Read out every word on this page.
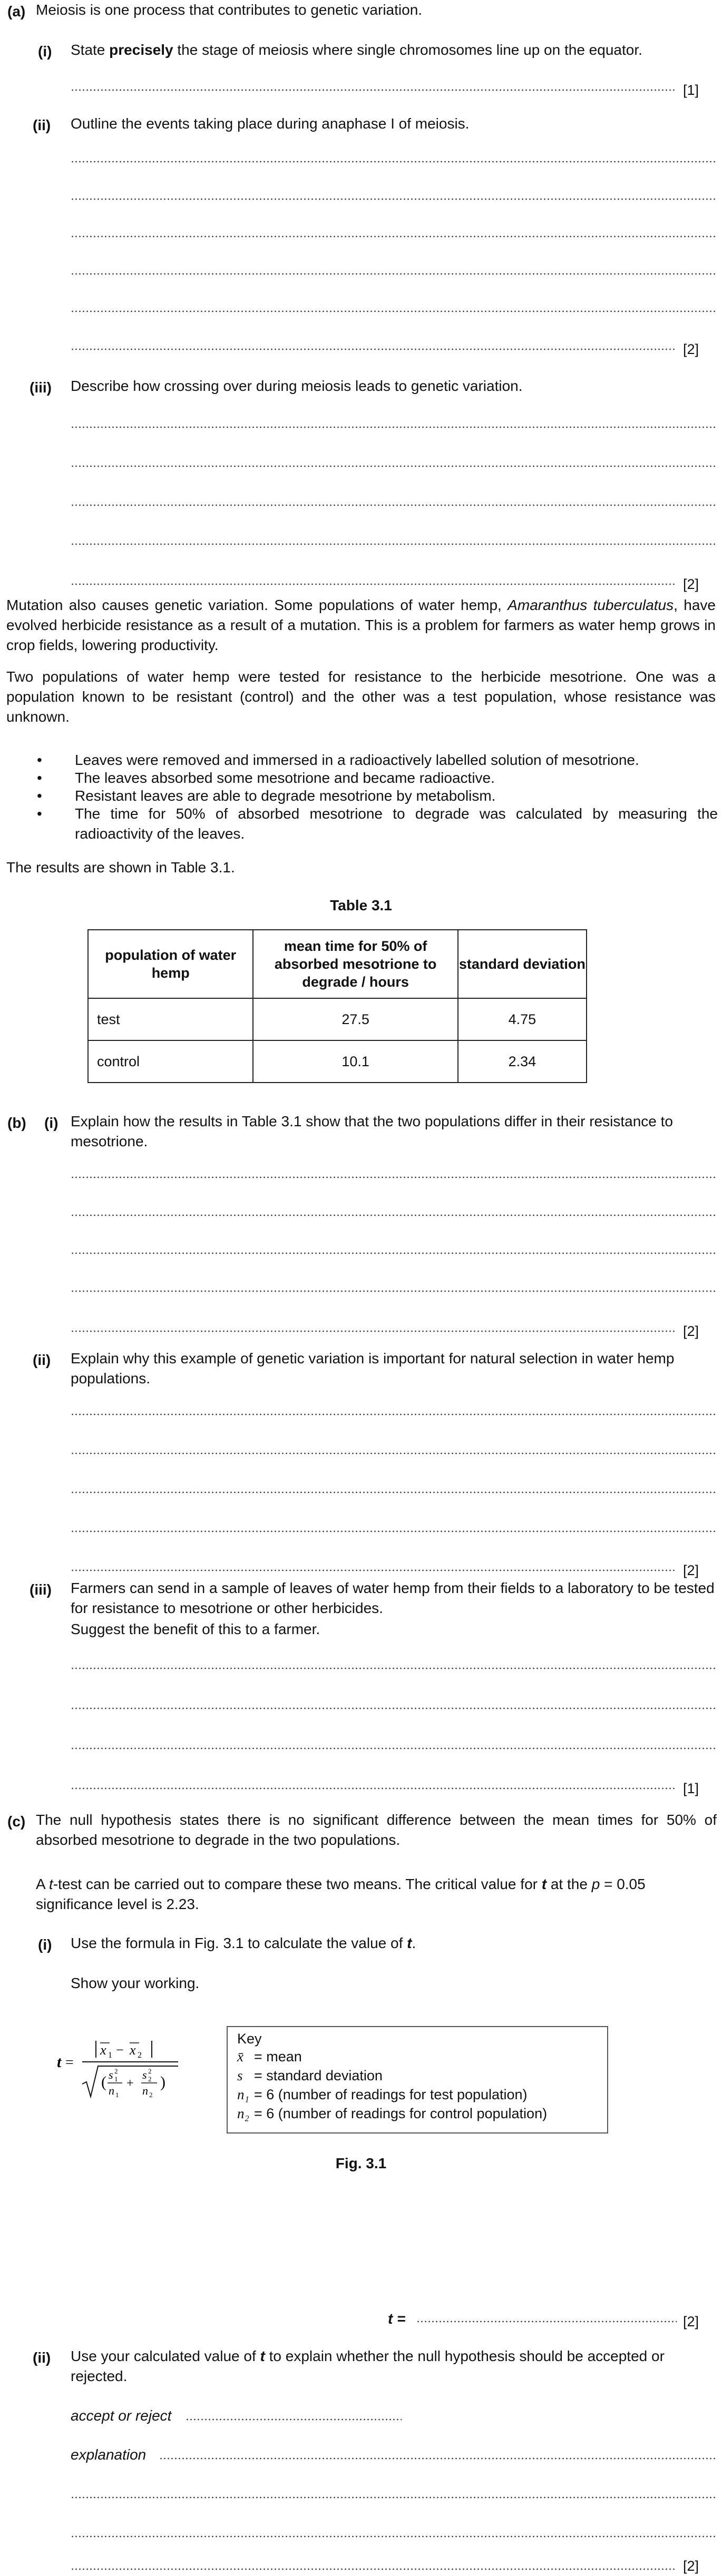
(a) Meiosis is one process that contributes to genetic variation.
(i) State precisely the stage of meiosis where single chromosomes line up on the equator.
[1]
(ii) Outline the events taking place during anaphase I of meiosis.
[2]
(iii) Describe how crossing over during meiosis leads to genetic variation.
[2]
Mutation also causes genetic variation. Some populations of water hemp, Amaranthus tuberculatus, have evolved herbicide resistance as a result of a mutation. This is a problem for farmers as water hemp grows in crop fields, lowering productivity.
Two populations of water hemp were tested for resistance to the herbicide mesotrione. One was a population known to be resistant (control) and the other was a test population, whose resistance was unknown.
• Leaves were removed and immersed in a radioactively labelled solution of mesotrione.
• The leaves absorbed some mesotrione and became radioactive.
• Resistant leaves are able to degrade mesotrione by metabolism.
• The time for 50% of absorbed mesotrione to degrade was calculated by measuring the radioactivity of the leaves.
The results are shown in Table 3.1.
Table 3.1
population of water hemp	mean time for 50% of absorbed mesotrione to degrade / hours	standard deviation
test	27.5	4.75
control	10.1	2.34
(b) (i) Explain how the results in Table 3.1 show that the two populations differ in their resistance to mesotrione.
[2]
(ii) Explain why this example of genetic variation is important for natural selection in water hemp populations.
[2]
(iii) Farmers can send in a sample of leaves of water hemp from their fields to a laboratory to be tested for resistance to mesotrione or other herbicides.
Suggest the benefit of this to a farmer.
[1]
(c) The null hypothesis states there is no significant difference between the mean times for 50% of absorbed mesotrione to degrade in the two populations.
A t-test can be carried out to compare these two means. The critical value for t at the p = 0.05 significance level is 2.23.
(i) Use the formula in Fig. 3.1 to calculate the value of t.
Show your working.
t =
x 1 − x 2
( s 2
1
n 1
+
s 2
2
n 2
)
Key
x̄ = mean
s = standard deviation
n₁ = 6 (number of readings for test population)
n₂ = 6 (number of readings for control population)
Fig. 3.1
t =	[2]
(ii) Use your calculated value of t to explain whether the null hypothesis should be accepted or rejected.
accept or reject
explanation
[2]
